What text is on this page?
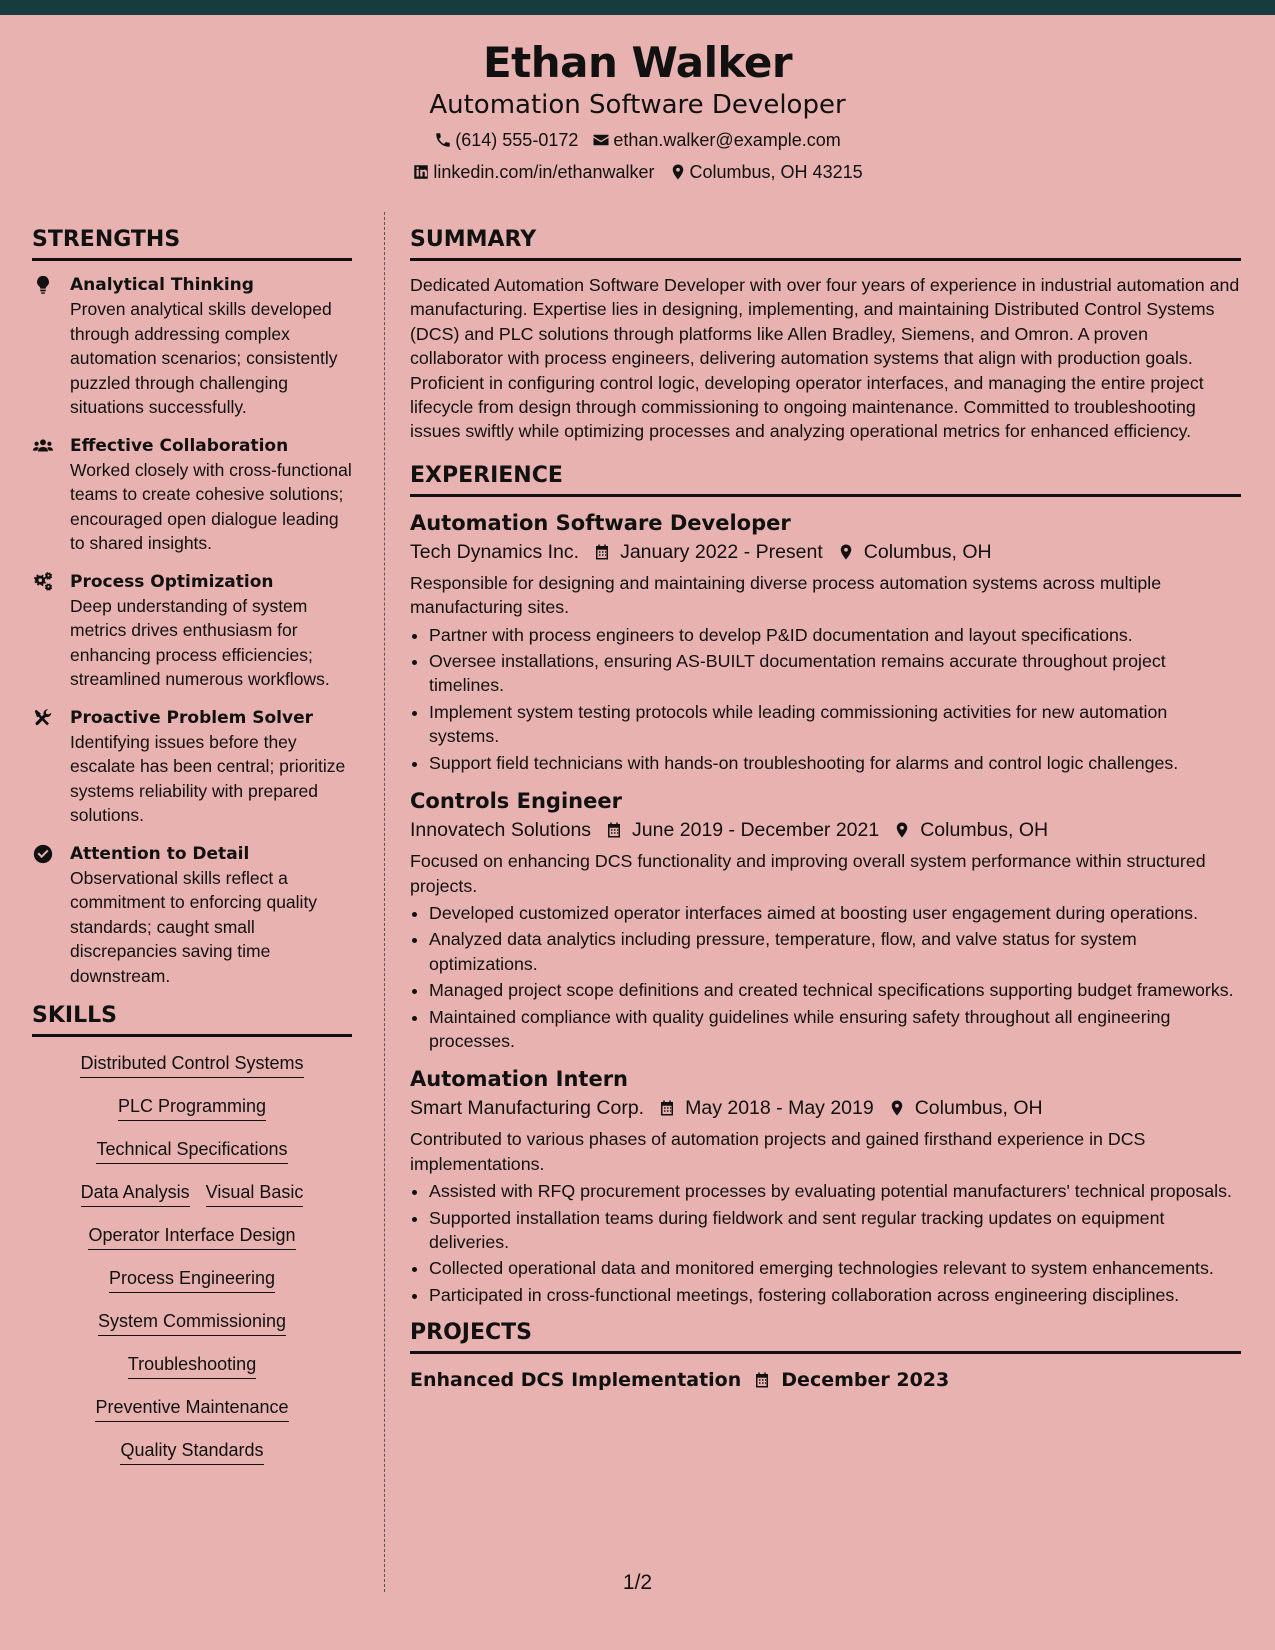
Ethan Walker
Automation Software Developer
(614) 555-0172 ethan.walker@example.com
linkedin.com/in/ethanwalker Columbus, OH 43215
STRENGTHS
Analytical Thinking
Proven analytical skills developed through addressing complex automation scenarios; consistently puzzled through challenging situations successfully.
Effective Collaboration
Worked closely with cross-functional teams to create cohesive solutions; encouraged open dialogue leading to shared insights.
Process Optimization
Deep understanding of system metrics drives enthusiasm for enhancing process efficiencies; streamlined numerous workflows.
Proactive Problem Solver
Identifying issues before they escalate has been central; prioritize systems reliability with prepared solutions.
Attention to Detail
Observational skills reflect a commitment to enforcing quality standards; caught small discrepancies saving time downstream.
SKILLS
Distributed Control Systems
PLC Programming
Technical Specifications
Data Analysis Visual Basic
Operator Interface Design
Process Engineering
System Commissioning
Troubleshooting
Preventive Maintenance
Quality Standards
SUMMARY
Dedicated Automation Software Developer with over four years of experience in industrial automation and manufacturing. Expertise lies in designing, implementing, and maintaining Distributed Control Systems (DCS) and PLC solutions through platforms like Allen Bradley, Siemens, and Omron. A proven collaborator with process engineers, delivering automation systems that align with production goals. Proficient in configuring control logic, developing operator interfaces, and managing the entire project lifecycle from design through commissioning to ongoing maintenance. Committed to troubleshooting issues swiftly while optimizing processes and analyzing operational metrics for enhanced efficiency.
EXPERIENCE
Automation Software Developer
Tech Dynamics Inc. January 2022 - Present Columbus, OH
Responsible for designing and maintaining diverse process automation systems across multiple manufacturing sites.
• Partner with process engineers to develop P&ID documentation and layout specifications.
• Oversee installations, ensuring AS-BUILT documentation remains accurate throughout project timelines.
• Implement system testing protocols while leading commissioning activities for new automation systems.
• Support field technicians with hands-on troubleshooting for alarms and control logic challenges.
Controls Engineer
Innovatech Solutions June 2019 - December 2021 Columbus, OH
Focused on enhancing DCS functionality and improving overall system performance within structured projects.
• Developed customized operator interfaces aimed at boosting user engagement during operations.
• Analyzed data analytics including pressure, temperature, flow, and valve status for system optimizations.
• Managed project scope definitions and created technical specifications supporting budget frameworks.
• Maintained compliance with quality guidelines while ensuring safety throughout all engineering processes.
Automation Intern
Smart Manufacturing Corp. May 2018 - May 2019 Columbus, OH
Contributed to various phases of automation projects and gained firsthand experience in DCS implementations.
• Assisted with RFQ procurement processes by evaluating potential manufacturers' technical proposals.
• Supported installation teams during fieldwork and sent regular tracking updates on equipment deliveries.
• Collected operational data and monitored emerging technologies relevant to system enhancements.
• Participated in cross-functional meetings, fostering collaboration across engineering disciplines.
PROJECTS
Enhanced DCS Implementation December 2023
1/2
